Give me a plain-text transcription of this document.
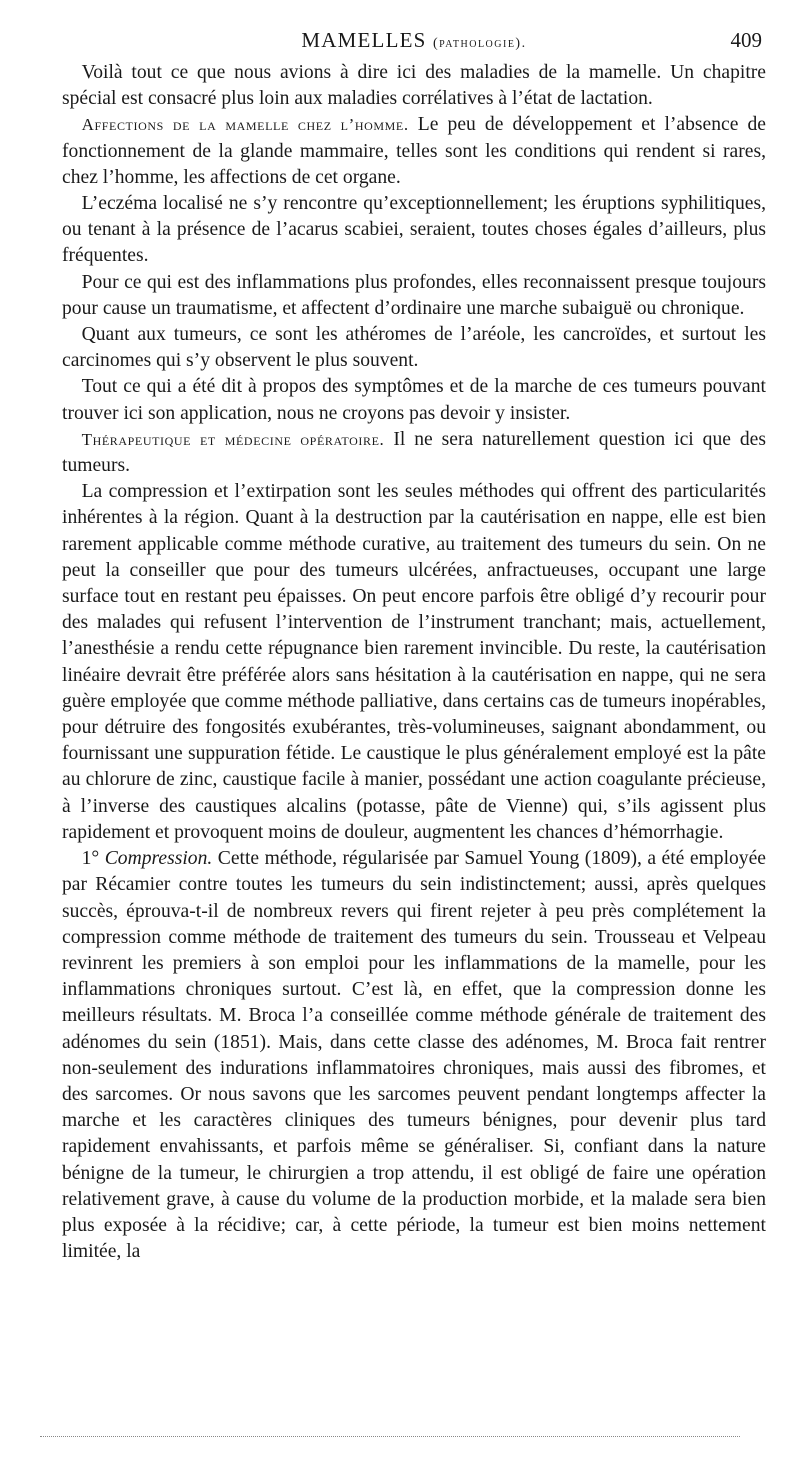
MAMELLES (pathologie).	409

 Voilà tout ce que nous avions à dire ici des maladies de la mamelle. Un chapitre spécial est consacré plus loin aux maladies corrélatives à l’état de lactation.

 Affections de la mamelle chez l’homme. Le peu de développement et l’absence de fonctionnement de la glande mammaire, telles sont les conditions qui rendent si rares, chez l’homme, les affections de cet organe.

 L’eczéma localisé ne s’y rencontre qu’exceptionnellement; les éruptions syphilitiques, ou tenant à la présence de l’acarus scabiei, seraient, toutes choses égales d’ailleurs, plus fréquentes.

 Pour ce qui est des inflammations plus profondes, elles reconnaissent presque toujours pour cause un traumatisme, et affectent d’ordinaire une marche subaiguë ou chronique.

 Quant aux tumeurs, ce sont les athéromes de l’aréole, les cancroïdes, et surtout les carcinomes qui s’y observent le plus souvent.

 Tout ce qui a été dit à propos des symptômes et de la marche de ces tumeurs pouvant trouver ici son application, nous ne croyons pas devoir y insister.

 Thérapeutique et médecine opératoire. Il ne sera naturellement question ici que des tumeurs.

 La compression et l’extirpation sont les seules méthodes qui offrent des particularités inhérentes à la région. Quant à la destruction par la cautérisation en nappe, elle est bien rarement applicable comme méthode curative, au traitement des tumeurs du sein. On ne peut la conseiller que pour des tumeurs ulcérées, anfractueuses, occupant une large surface tout en restant peu épaisses. On peut encore parfois être obligé d’y recourir pour des malades qui refusent l’intervention de l’instrument tranchant; mais, actuellement, l’anesthésie a rendu cette répugnance bien rarement invincible. Du reste, la cautérisation linéaire devrait être préférée alors sans hésitation à la cautérisation en nappe, qui ne sera guère employée que comme méthode palliative, dans certains cas de tumeurs inopérables, pour détruire des fongosités exubérantes, très-volumineuses, saignant abondamment, ou fournissant une suppuration fétide. Le caustique le plus généralement employé est la pâte au chlorure de zinc, caustique facile à manier, possédant une action coagulante précieuse, à l’inverse des caustiques alcalins (potasse, pâte de Vienne) qui, s’ils agissent plus rapidement et provoquent moins de douleur, augmentent les chances d’hémorrhagie.

 1° Compression. Cette méthode, régularisée par Samuel Young (1809), a été employée par Récamier contre toutes les tumeurs du sein indistinctement; aussi, après quelques succès, éprouva-t-il de nombreux revers qui firent rejeter à peu près complétement la compression comme méthode de traitement des tumeurs du sein. Trousseau et Velpeau revinrent les premiers à son emploi pour les inflammations de la mamelle, pour les inflammations chroniques surtout. C’est là, en effet, que la compression donne les meilleurs résultats. M. Broca l’a conseillée comme méthode générale de traitement des adénomes du sein (1851). Mais, dans cette classe des adénomes, M. Broca fait rentrer non-seulement des indurations inflammatoires chroniques, mais aussi des fibromes, et des sarcomes. Or nous savons que les sarcomes peuvent pendant longtemps affecter la marche et les caractères cliniques des tumeurs bénignes, pour devenir plus tard rapidement envahissants, et parfois même se généraliser. Si, confiant dans la nature bénigne de la tumeur, le chirurgien a trop attendu, il est obligé de faire une opération relativement grave, à cause du volume de la production morbide, et la malade sera bien plus exposée à la récidive; car, à cette période, la tumeur est bien moins nettement limitée, la
